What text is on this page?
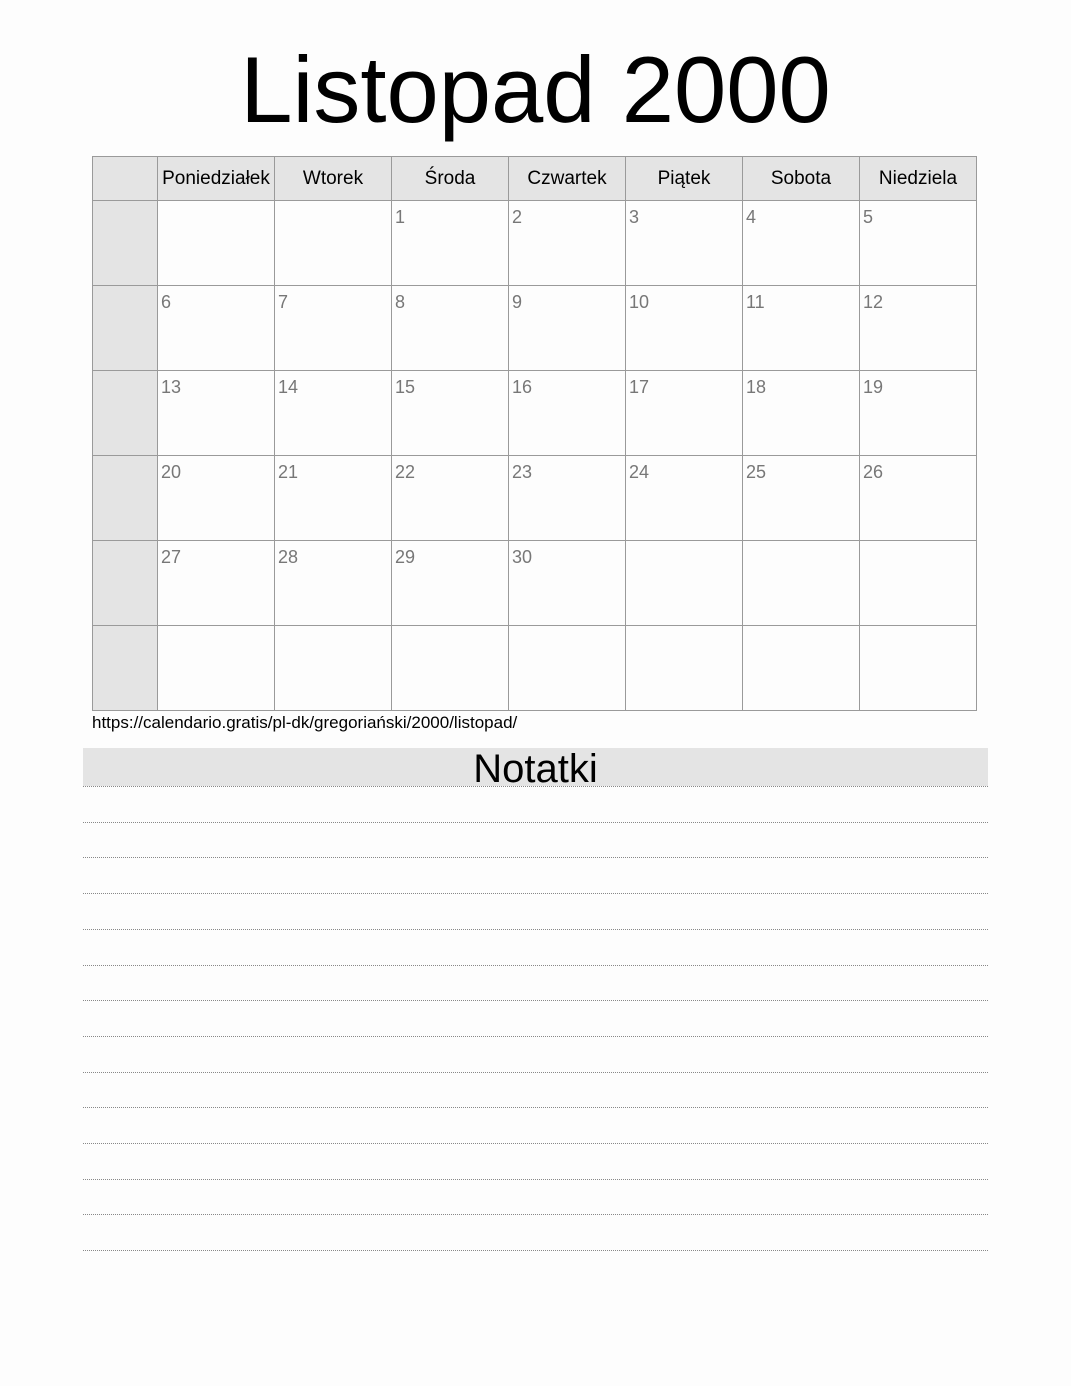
Listopad 2000
	Poniedziałek	Wtorek	Środa	Czwartek	Piątek	Sobota	Niedziela

			1	2	3	4	5

	6	7	8	9	10	11	12

	13	14	15	16	17	18	19

	20	21	22	23	24	25	26

	27	28	29	30			

https://calendario.gratis/pl-dk/gregoriański/2000/listopad/
Notatki
